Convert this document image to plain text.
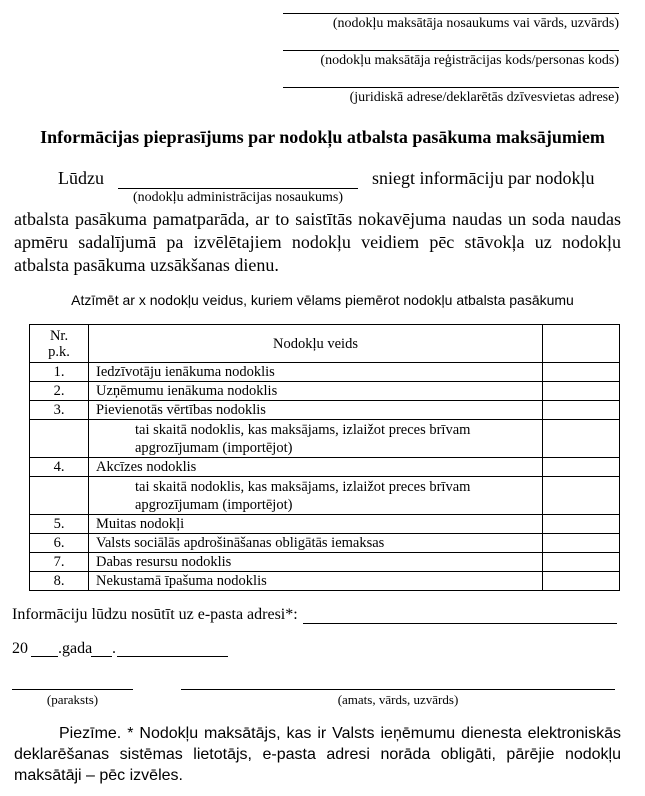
(nodokļu maksātāja nosaukums vai vārds, uzvārds)
(nodokļu maksātāja reģistrācijas kods/personas kods)
(juridiskā adrese/deklarētās dzīvesvietas adrese)
Informācijas pieprasījums par nodokļu atbalsta pasākuma maksājumiem
Lūdzu
(nodokļu administrācijas nosaukums)
sniegt informāciju par nodokļu
atbalsta pasākuma pamatparāda, ar to saistītās nokavējuma naudas un soda naudas apmēru sadalījumā pa izvēlētajiem nodokļu veidiem pēc stāvokļa uz nodokļu atbalsta pasākuma uzsākšanas dienu.
Atzīmēt ar x nodokļu veidus, kuriem vēlams piemērot nodokļu atbalsta pasākumu
Nr.
p.k.	Nodokļu veids	
1.	Iedzīvotāju ienākuma nodoklis	
2.	Uzņēmumu ienākuma nodoklis	
3.	Pievienotās vērtības nodoklis	
	tai skaitā nodoklis, kas maksājams, izlaižot preces brīvam apgrozījumam (importējot)	
4.	Akcīzes nodoklis	
	tai skaitā nodoklis, kas maksājams, izlaižot preces brīvam apgrozījumam (importējot)	
5.	Muitas nodokļi	
6.	Valsts sociālās apdrošināšanas obligātās iemaksas	
7.	Dabas resursu nodoklis	
8.	Nekustamā īpašuma nodoklis	
Informāciju lūdzu nosūtīt uz e-pasta adresi*:
20 .gada .
(paraksts)	(amats, vārds, uzvārds)
Piezīme. * Nodokļu maksātājs, kas ir Valsts ieņēmumu dienesta elektroniskās deklarēšanas sistēmas lietotājs, e-pasta adresi norāda obligāti, pārējie nodokļu maksātāji – pēc izvēles.
